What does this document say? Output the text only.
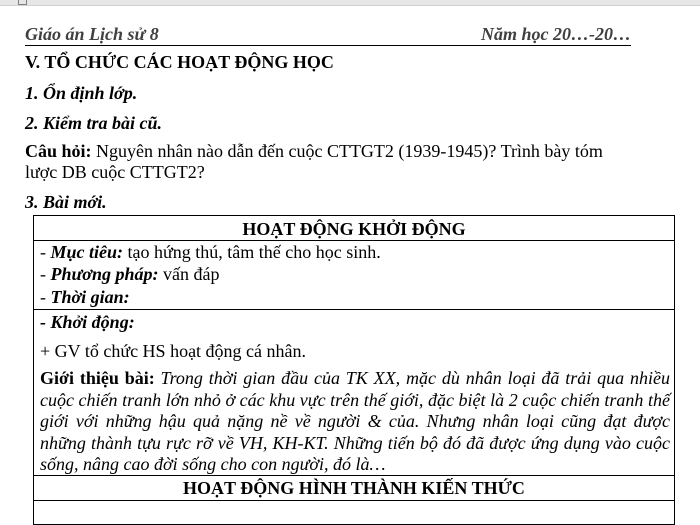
Giáo án Lịch sử 8	Năm học 20…-20…
V. TỔ CHỨC CÁC HOẠT ĐỘNG HỌC
1. Ổn định lớp.
2. Kiểm tra bài cũ.
Câu hỏi: Nguyên nhân nào dẫn đến cuộc CTTGT2 (1939-1945)? Trình bày tóm
lược DB cuộc CTTGT2?
3. Bài mới.
HOẠT ĐỘNG KHỞI ĐỘNG
- Mục tiêu: tạo hứng thú, tâm thế cho học sinh.
- Phương pháp: vấn đáp
- Thời gian:
- Khởi động:
+ GV tổ chức HS hoạt động cá nhân.
Giới thiệu bài: Trong thời gian đầu của TK XX, mặc dù nhân loại đã trải qua nhiều cuộc chiến tranh lớn nhỏ ở các khu vực trên thế giới, đặc biệt là 2 cuộc chiến tranh thế giới với những hậu quả nặng nề về người & của. Nhưng nhân loại cũng đạt được những thành tựu rực rỡ về VH, KH-KT. Những tiến bộ đó đã được ứng dụng vào cuộc sống, nâng cao đời sống cho con người, đó là…
HOẠT ĐỘNG HÌNH THÀNH KIẾN THỨC
